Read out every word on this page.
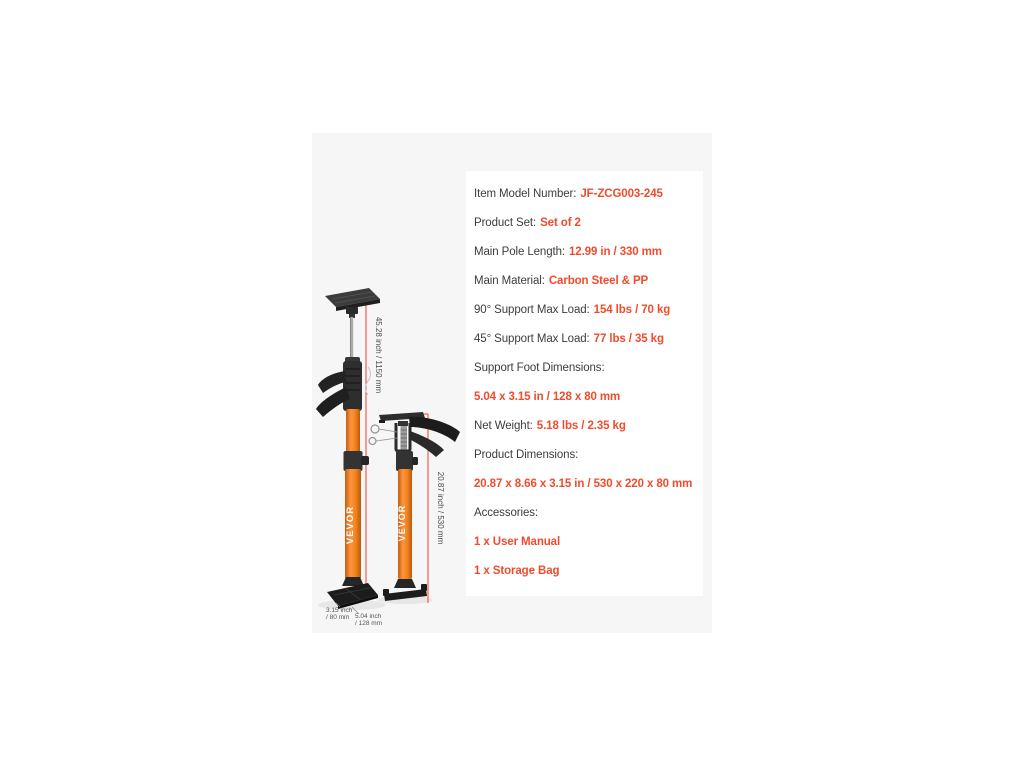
VEVOR
45.28 inch / 1150 mm
VEVOR	20.87 inch / 530 mm
3.15 inch
/ 80 mm 5.04 inch
/ 128 mm
Item Model Number: JF-ZCG003-245
Product Set: Set of 2
Main Pole Length: 12.99 in / 330 mm
Main Material: Carbon Steel & PP
90° Support Max Load: 154 lbs / 70 kg
45° Support Max Load: 77 lbs / 35 kg
Support Foot Dimensions:
5.04 x 3.15 in / 128 x 80 mm
Net Weight: 5.18 lbs / 2.35 kg
Product Dimensions:
20.87 x 8.66 x 3.15 in / 530 x 220 x 80 mm
Accessories:
1 x User Manual
1 x Storage Bag
